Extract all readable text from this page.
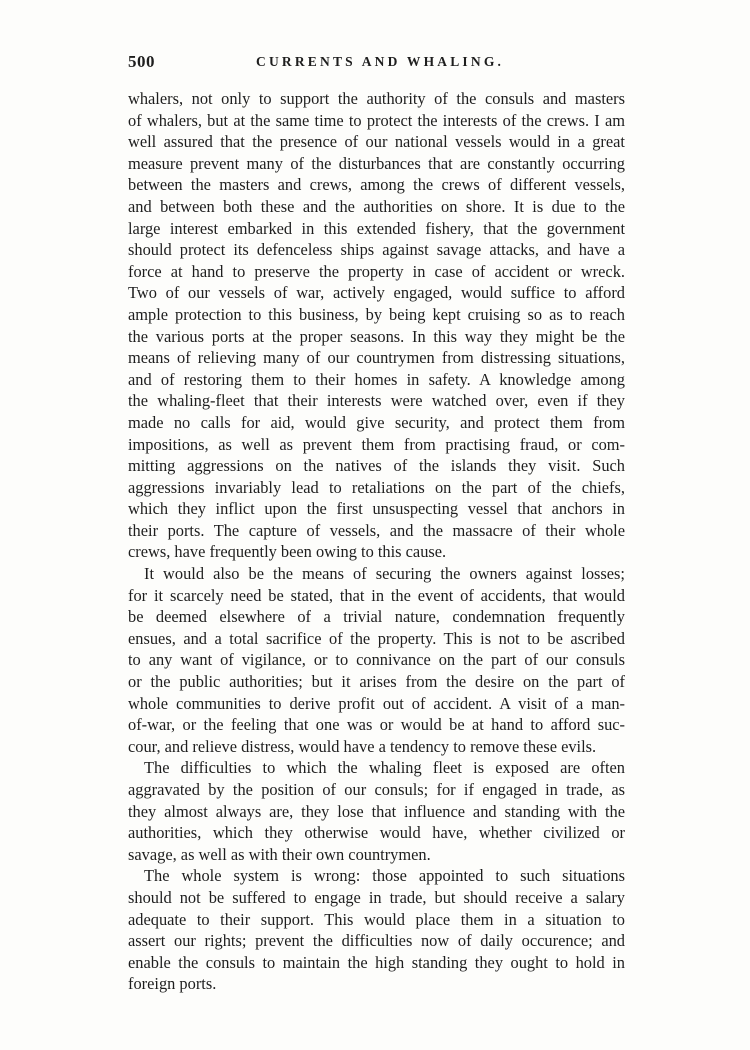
500	CURRENTS AND WHALING.
whalers, not only to support the authority of the consuls and masters
of whalers, but at the same time to protect the interests of the crews. I am
well assured that the presence of our national vessels would in a great
measure prevent many of the disturbances that are constantly occurring
between the masters and crews, among the crews of different vessels,
and between both these and the authorities on shore. It is due to the
large interest embarked in this extended fishery, that the government
should protect its defenceless ships against savage attacks, and have a
force at hand to preserve the property in case of accident or wreck.
Two of our vessels of war, actively engaged, would suffice to afford
ample protection to this business, by being kept cruising so as to reach
the various ports at the proper seasons. In this way they might be the
means of relieving many of our countrymen from distressing situations,
and of restoring them to their homes in safety. A knowledge among
the whaling-fleet that their interests were watched over, even if they
made no calls for aid, would give security, and protect them from
impositions, as well as prevent them from practising fraud, or com-
mitting aggressions on the natives of the islands they visit. Such
aggressions invariably lead to retaliations on the part of the chiefs,
which they inflict upon the first unsuspecting vessel that anchors in
their ports. The capture of vessels, and the massacre of their whole
crews, have frequently been owing to this cause.
It would also be the means of securing the owners against losses;
for it scarcely need be stated, that in the event of accidents, that would
be deemed elsewhere of a trivial nature, condemnation frequently
ensues, and a total sacrifice of the property. This is not to be ascribed
to any want of vigilance, or to connivance on the part of our consuls
or the public authorities; but it arises from the desire on the part of
whole communities to derive profit out of accident. A visit of a man-
of-war, or the feeling that one was or would be at hand to afford suc-
cour, and relieve distress, would have a tendency to remove these evils.
The difficulties to which the whaling fleet is exposed are often
aggravated by the position of our consuls; for if engaged in trade, as
they almost always are, they lose that influence and standing with the
authorities, which they otherwise would have, whether civilized or
savage, as well as with their own countrymen.
The whole system is wrong: those appointed to such situations
should not be suffered to engage in trade, but should receive a salary
adequate to their support. This would place them in a situation to
assert our rights; prevent the difficulties now of daily occurence; and
enable the consuls to maintain the high standing they ought to hold in
foreign ports.
